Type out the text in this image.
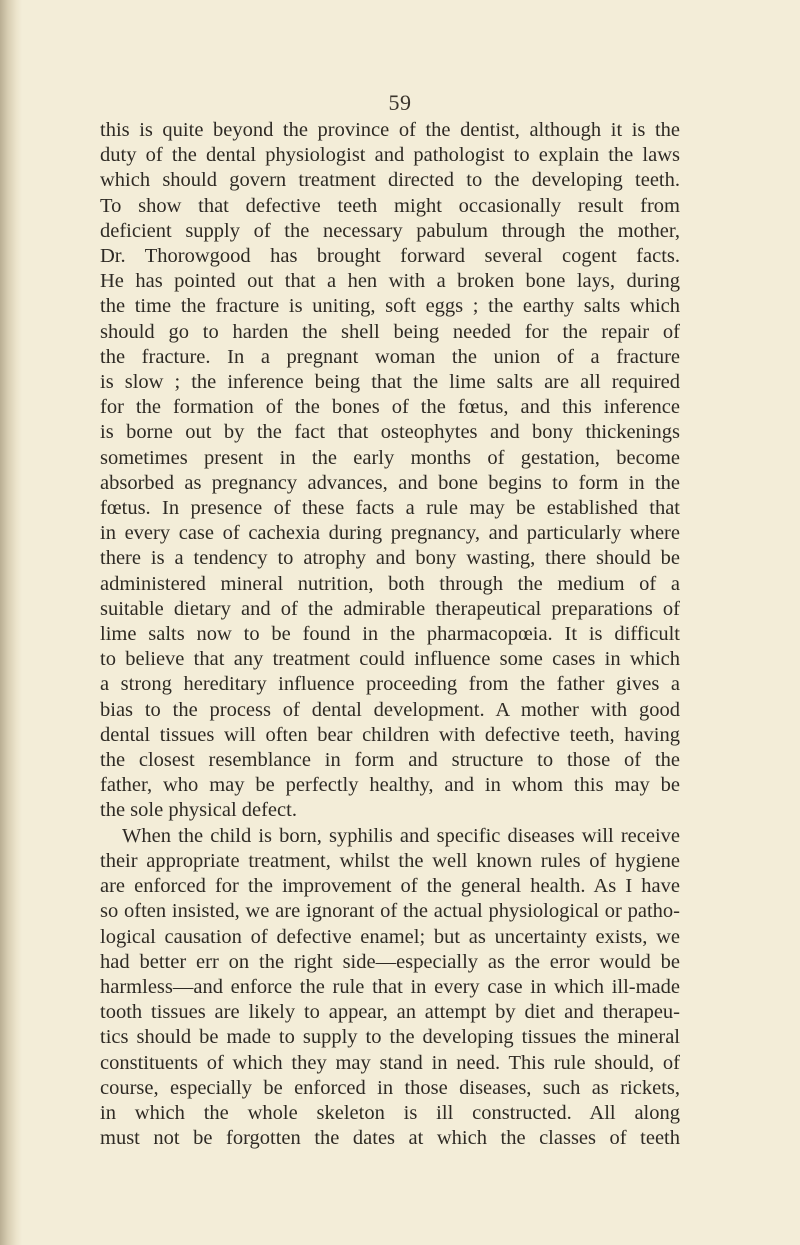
59
this is quite beyond the province of the dentist, although it is the
duty of the dental physiologist and pathologist to explain the laws
which should govern treatment directed to the developing teeth.
To show that defective teeth might occasionally result from
deficient supply of the necessary pabulum through the mother,
Dr. Thorowgood has brought forward several cogent facts.
He has pointed out that a hen with a broken bone lays, during
the time the fracture is uniting, soft eggs ; the earthy salts which
should go to harden the shell being needed for the repair of
the fracture. In a pregnant woman the union of a fracture
is slow ; the inference being that the lime salts are all required
for the formation of the bones of the fœtus, and this inference
is borne out by the fact that osteophytes and bony thickenings
sometimes present in the early months of gestation, become
absorbed as pregnancy advances, and bone begins to form in the
fœtus. In presence of these facts a rule may be established that
in every case of cachexia during pregnancy, and particularly where
there is a tendency to atrophy and bony wasting, there should be
administered mineral nutrition, both through the medium of a
suitable dietary and of the admirable therapeutical preparations of
lime salts now to be found in the pharmacopœia. It is difficult
to believe that any treatment could influence some cases in which
a strong hereditary influence proceeding from the father gives a
bias to the process of dental development. A mother with good
dental tissues will often bear children with defective teeth, having
the closest resemblance in form and structure to those of the
father, who may be perfectly healthy, and in whom this may be
the sole physical defect.
When the child is born, syphilis and specific diseases will receive
their appropriate treatment, whilst the well known rules of hygiene
are enforced for the improvement of the general health. As I have
so often insisted, we are ignorant of the actual physiological or patho-
logical causation of defective enamel; but as uncertainty exists, we
had better err on the right side—especially as the error would be
harmless—and enforce the rule that in every case in which ill-made
tooth tissues are likely to appear, an attempt by diet and therapeu-
tics should be made to supply to the developing tissues the mineral
constituents of which they may stand in need. This rule should, of
course, especially be enforced in those diseases, such as rickets,
in which the whole skeleton is ill constructed. All along
must not be forgotten the dates at which the classes of teeth
